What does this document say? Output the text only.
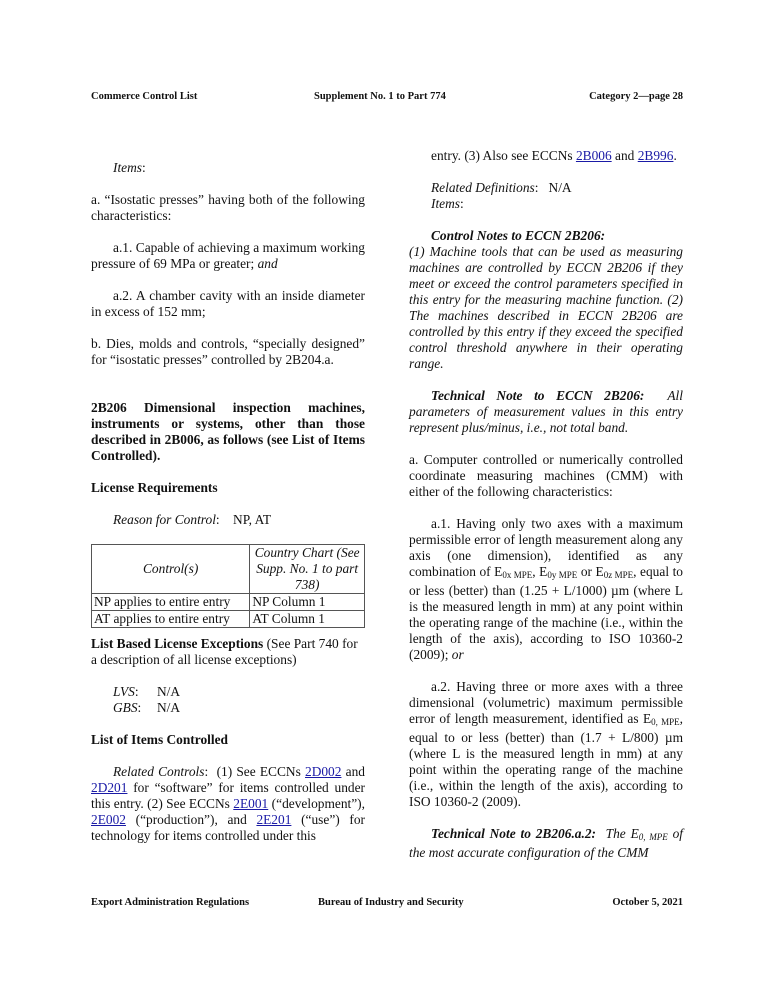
Commerce Control List	Supplement No. 1 to Part 774	Category 2—page 28

Items:

a. “Isostatic presses” having both of the following characteristics:

a.1. Capable of achieving a maximum working pressure of 69 MPa or greater; and

a.2. A chamber cavity with an inside diameter in excess of 152 mm;

b. Dies, molds and controls, “specially designed” for “isostatic presses” controlled by 2B204.a.

2B206 Dimensional inspection machines, instruments or systems, other than those described in 2B006, as follows (see List of Items Controlled).

License Requirements

Reason for Control:    NP, AT

Control(s)	Country Chart (See Supp. No. 1 to part 738)
NP applies to entire entry	NP Column 1
AT applies to entire entry	AT Column 1

List Based License Exceptions (See Part 740 for a description of all license exceptions)

LVS:	N/A
GBS:	N/A

List of Items Controlled

Related Controls:  (1) See ECCNs 2D002 and 2D201 for “software” for items controlled under this entry. (2) See ECCNs 2E001 (“development”), 2E002 (“production”), and 2E201 (“use”) for technology for items controlled under this

entry. (3) Also see ECCNs 2B006 and 2B996.

Related Definitions:   N/A

Items:

Control Notes to ECCN 2B206:

(1) Machine tools that can be used as measuring machines are controlled by ECCN 2B206 if they meet or exceed the control parameters specified in this entry for the measuring machine function. (2) The machines described in ECCN 2B206 are controlled by this entry if they exceed the specified control threshold anywhere in their operating range.

Technical Note to ECCN 2B206: All parameters of measurement values in this entry represent plus/minus, i.e., not total band.

a. Computer controlled or numerically controlled coordinate measuring machines (CMM) with either of the following characteristics:

a.1. Having only two axes with a maximum permissible error of length measurement along any axis (one dimension), identified as any combination of E0x MPE, E0y MPE or E0z MPE, equal to or less (better) than (1.25 + L/1000) µm (where L is the measured length in mm) at any point within the operating range of the machine (i.e., within the length of the axis), according to ISO 10360-2 (2009); or

a.2. Having three or more axes with a three dimensional (volumetric) maximum permissible error of length measurement, identified as E0, MPE, equal to or less (better) than (1.7 + L/800) µm (where L is the measured length in mm) at any point within the operating range of the machine (i.e., within the length of the axis), according to ISO 10360-2 (2009).

Technical Note to 2B206.a.2: The E0, MPE of the most accurate configuration of the CMM

Export Administration Regulations	Bureau of Industry and Security	October 5, 2021
